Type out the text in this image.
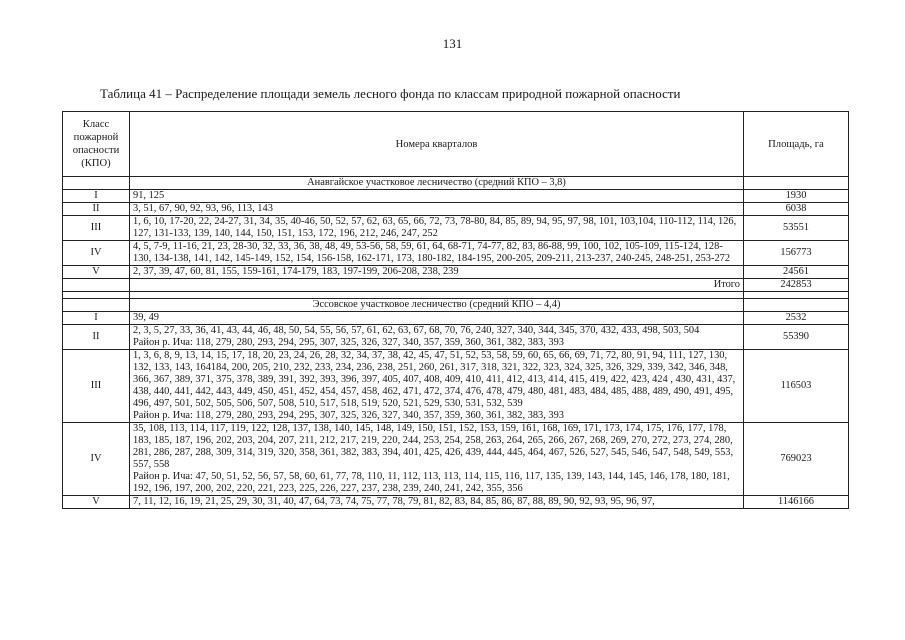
131
Таблица 41 – Распределение площади земель лесного фонда по классам природной пожарной опасности
Класс пожарной опасности (КПО)	Номера кварталов	Площадь, га
	Анавгайское участковое лесничество (средний КПО – 3,8)	
I	91, 125	1930
II	3, 51, 67, 90, 92, 93, 96, 113, 143	6038
III	1, 6, 10, 17-20, 22, 24-27, 31, 34, 35, 40-46, 50, 52, 57, 62, 63, 65, 66, 72, 73, 78-80, 84, 85, 89, 94, 95, 97, 98, 101, 103,104, 110-112, 114, 126, 127, 131-133, 139, 140, 144, 150, 151, 153, 172, 196, 212, 246, 247, 252	53551
IV	4, 5, 7-9, 11-16, 21, 23, 28-30, 32, 33, 36, 38, 48, 49, 53-56, 58, 59, 61, 64, 68-71, 74-77, 82, 83, 86-88, 99, 100, 102, 105-109, 115-124, 128-130, 134-138, 141, 142, 145-149, 152, 154, 156-158, 162-171, 173, 180-182, 184-195, 200-205, 209-211, 213-237, 240-245, 248-251, 253-272	156773
V	2, 37, 39, 47, 60, 81, 155, 159-161, 174-179, 183, 197-199, 206-208, 238, 239	24561
	Итого	242853

	Эссовское участковое лесничество (средний КПО – 4,4)	
I	39, 49	2532
II	2, 3, 5, 27, 33, 36, 41, 43, 44, 46, 48, 50, 54, 55, 56, 57, 61, 62, 63, 67, 68, 70, 76, 240, 327, 340, 344, 345, 370, 432, 433, 498, 503, 504
Район р. Ича: 118, 279, 280, 293, 294, 295, 307, 325, 326, 327, 340, 357, 359, 360, 361, 382, 383, 393	55390
III	1, 3, 6, 8, 9, 13, 14, 15, 17, 18, 20, 23, 24, 26, 28, 32, 34, 37, 38, 42, 45, 47, 51, 52, 53, 58, 59, 60, 65, 66, 69, 71, 72, 80, 91, 94, 111, 127, 130, 132, 133, 143, 164184, 200, 205, 210, 232, 233, 234, 236, 238, 251, 260, 261, 317, 318, 321, 322, 323, 324, 325, 326, 329, 339, 342, 346, 348, 366, 367, 389, 371, 375, 378, 389, 391, 392, 393, 396, 397, 405, 407, 408, 409, 410, 411, 412, 413, 414, 415, 419, 422, 423, 424 , 430, 431, 437, 438, 440, 441, 442, 443, 449, 450, 451, 452, 454, 457, 458, 462, 471, 472, 374, 476, 478, 479, 480, 481, 483, 484, 485, 488, 489, 490, 491, 495, 496, 497, 501, 502, 505, 506, 507, 508, 510, 517, 518, 519, 520, 521, 529, 530, 531, 532, 539
Район р. Ича: 118, 279, 280, 293, 294, 295, 307, 325, 326, 327, 340, 357, 359, 360, 361, 382, 383, 393	116503
IV	35, 108, 113, 114, 117, 119, 122, 128, 137, 138, 140, 145, 148, 149, 150, 151, 152, 153, 159, 161, 168, 169, 171, 173, 174, 175, 176, 177, 178, 183, 185, 187, 196, 202, 203, 204, 207, 211, 212, 217, 219, 220, 244, 253, 254, 258, 263, 264, 265, 266, 267, 268, 269, 270, 272, 273, 274, 280, 281, 286, 287, 288, 309, 314, 319, 320, 358, 361, 382, 383, 394, 401, 425, 426, 439, 444, 445, 464, 467, 526, 527, 545, 546, 547, 548, 549, 553, 557, 558
Район р. Ича: 47, 50, 51, 52, 56, 57, 58, 60, 61, 77, 78, 110, 11, 112, 113, 113, 114, 115, 116, 117, 135, 139, 143, 144, 145, 146, 178, 180, 181, 192, 196, 197, 200, 202, 220, 221, 223, 225, 226, 227, 237, 238, 239, 240, 241, 242, 355, 356	769023
V	7, 11, 12, 16, 19, 21, 25, 29, 30, 31, 40, 47, 64, 73, 74, 75, 77, 78, 79, 81, 82, 83, 84, 85, 86, 87, 88, 89, 90, 92, 93, 95, 96, 97,	1146166
